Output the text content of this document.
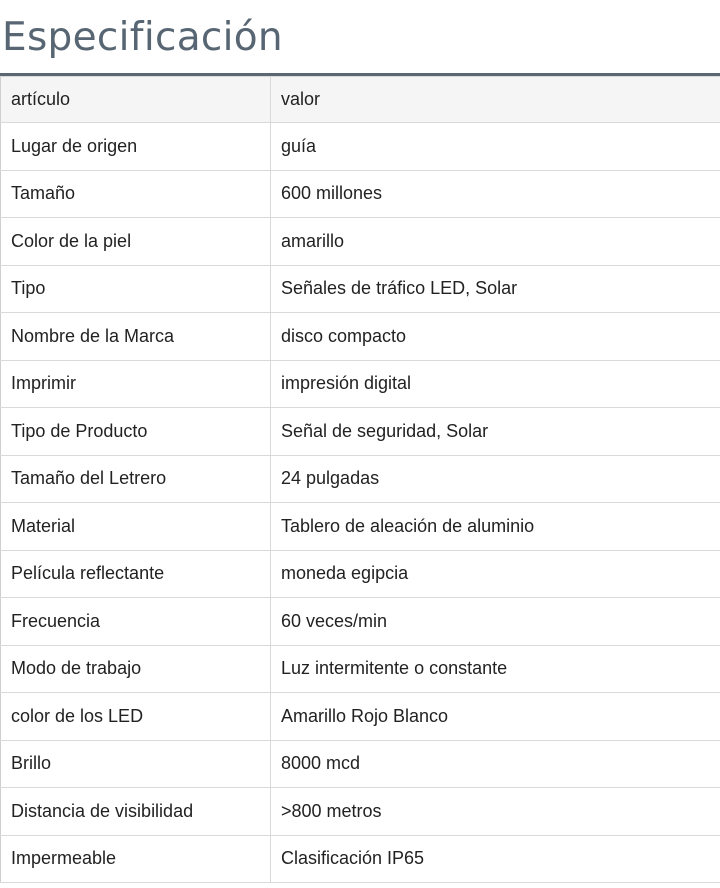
Especificación
artículo	valor
Lugar de origen	guía
Tamaño	600 millones
Color de la piel	amarillo
Tipo	Señales de tráfico LED, Solar
Nombre de la Marca	disco compacto
Imprimir	impresión digital
Tipo de Producto	Señal de seguridad, Solar
Tamaño del Letrero	24 pulgadas
Material	Tablero de aleación de aluminio
Película reflectante	moneda egipcia
Frecuencia	60 veces/min
Modo de trabajo	Luz intermitente o constante
color de los LED	Amarillo Rojo Blanco
Brillo	8000 mcd
Distancia de visibilidad	>800 metros
Impermeable	Clasificación IP65
